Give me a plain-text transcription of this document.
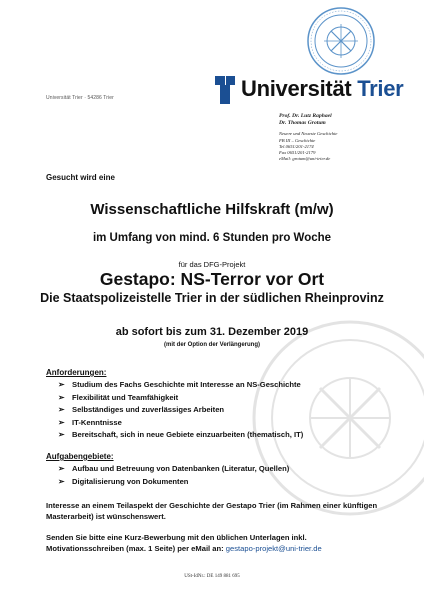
Universität Trier · 54286 Trier	Universität Trier
Prof. Dr. Lutz Raphael
Dr. Thomas Grotum
Neuere und Neueste Geschichte
FB III – Geschichte
Tel.0651/201-2174
Fax 0651/201-2179
eMail: grotum@uni-trier.de
Gesucht wird eine
Wissenschaftliche Hilfskraft (m/w)
im Umfang von mind. 6 Stunden pro Woche
für das DFG-Projekt
Gestapo: NS-Terror vor Ort
Die Staatspolizeistelle Trier in der südlichen Rheinprovinz
ab sofort bis zum 31. Dezember 2019
(mit der Option der Verlängerung)
Anforderungen:
➢ Studium des Fachs Geschichte mit Interesse an NS-Geschichte
➢ Flexibilität und Teamfähigkeit
➢ Selbständiges und zuverlässiges Arbeiten
➢ IT-Kenntnisse
➢ Bereitschaft, sich in neue Gebiete einzuarbeiten (thematisch, IT)
Aufgabengebiete:
➢ Aufbau und Betreuung von Datenbanken (Literatur, Quellen)
➢ Digitalisierung von Dokumenten
Interesse an einem Teilaspekt der Geschichte der Gestapo Trier (im Rahmen einer künftigen Masterarbeit) ist wünschenswert.
Senden Sie bitte eine Kurz-Bewerbung mit den üblichen Unterlagen inkl.
Motivationsschreiben (max. 1 Seite) per eMail an: gestapo-projekt@uni-trier.de
USt-IdNr.: DE 149 881 695
